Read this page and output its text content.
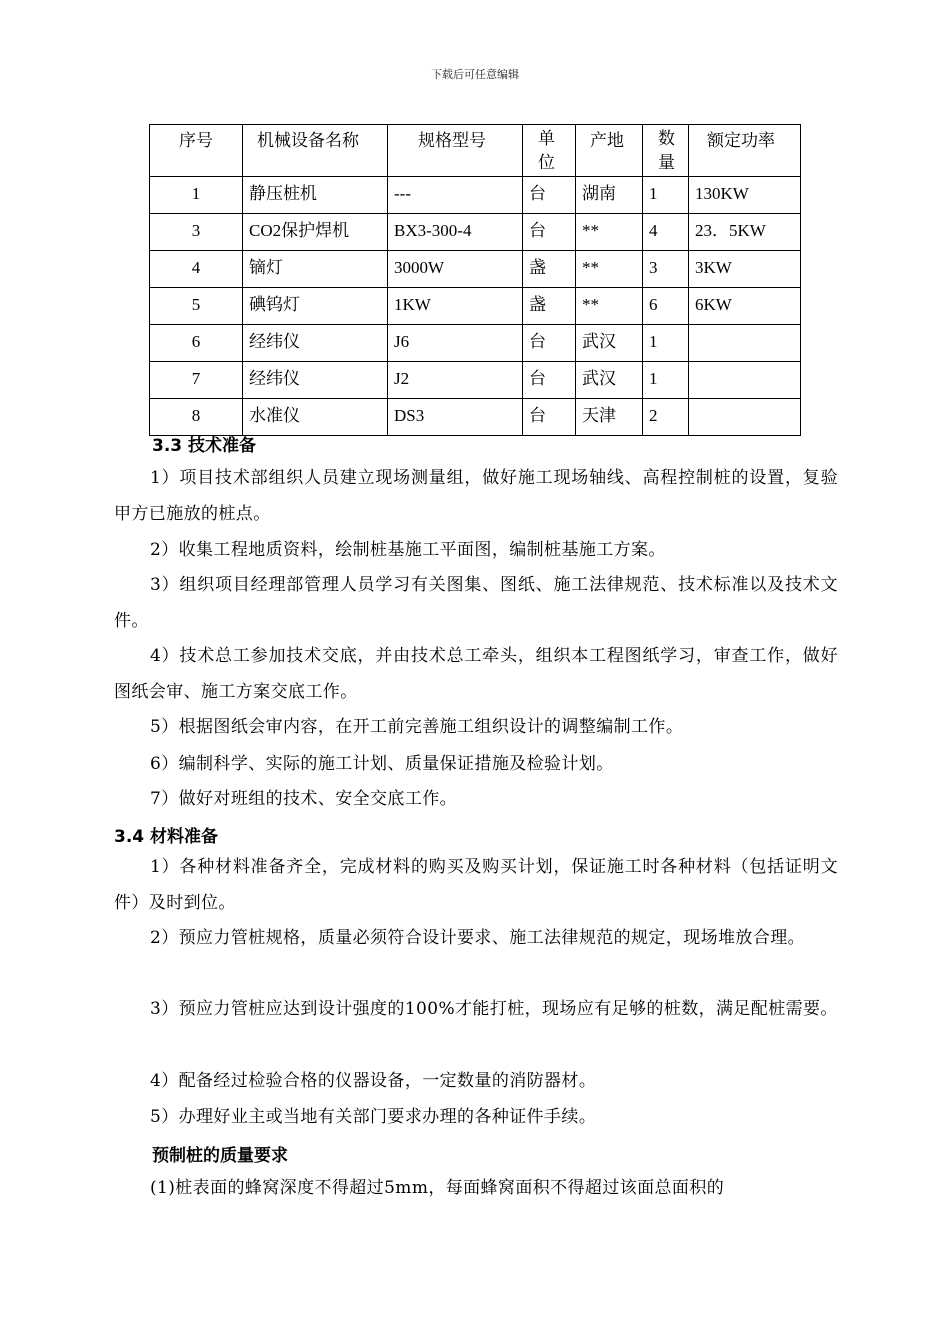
下载后可任意编辑
序号	机械设备名称	规格型号	单位	产地	数量	额定功率
1	静压桩机	---	台	湖南	1	130KW
3	CO2保护焊机	BX3-300-4	台	**	4	23．5KW
4	镝灯	3000W	盏	**	3	3KW
5	碘钨灯	1KW	盏	**	6	6KW
6	经纬仪	J6	台	武汉	1	
7	经纬仪	J2	台	武汉	1	
8	水准仪	DS3	台	天津	2	
3.3 技术准备
1）项目技术部组织人员建立现场测量组，做好施工现场轴线、高程控制桩的设置，复验甲方已施放的桩点。
2）收集工程地质资料，绘制桩基施工平面图，编制桩基施工方案。
3）组织项目经理部管理人员学习有关图集、图纸、施工法律规范、技术标准以及技术文件。
4）技术总工参加技术交底，并由技术总工牵头，组织本工程图纸学习，审查工作，做好图纸会审、施工方案交底工作。
5）根据图纸会审内容，在开工前完善施工组织设计的调整编制工作。
6）编制科学、实际的施工计划、质量保证措施及检验计划。
7）做好对班组的技术、安全交底工作。
3.4 材料准备
1）各种材料准备齐全，完成材料的购买及购买计划，保证施工时各种材料（包括证明文件）及时到位。
2）预应力管桩规格，质量必须符合设计要求、施工法律规范的规定，现场堆放合理。
3）预应力管桩应达到设计强度的100%才能打桩，现场应有足够的桩数，满足配桩需要。
4）配备经过检验合格的仪器设备，一定数量的消防器材。
5）办理好业主或当地有关部门要求办理的各种证件手续。
预制桩的质量要求
(1)桩表面的蜂窝深度不得超过5mm，每面蜂窝面积不得超过该面总面积的
